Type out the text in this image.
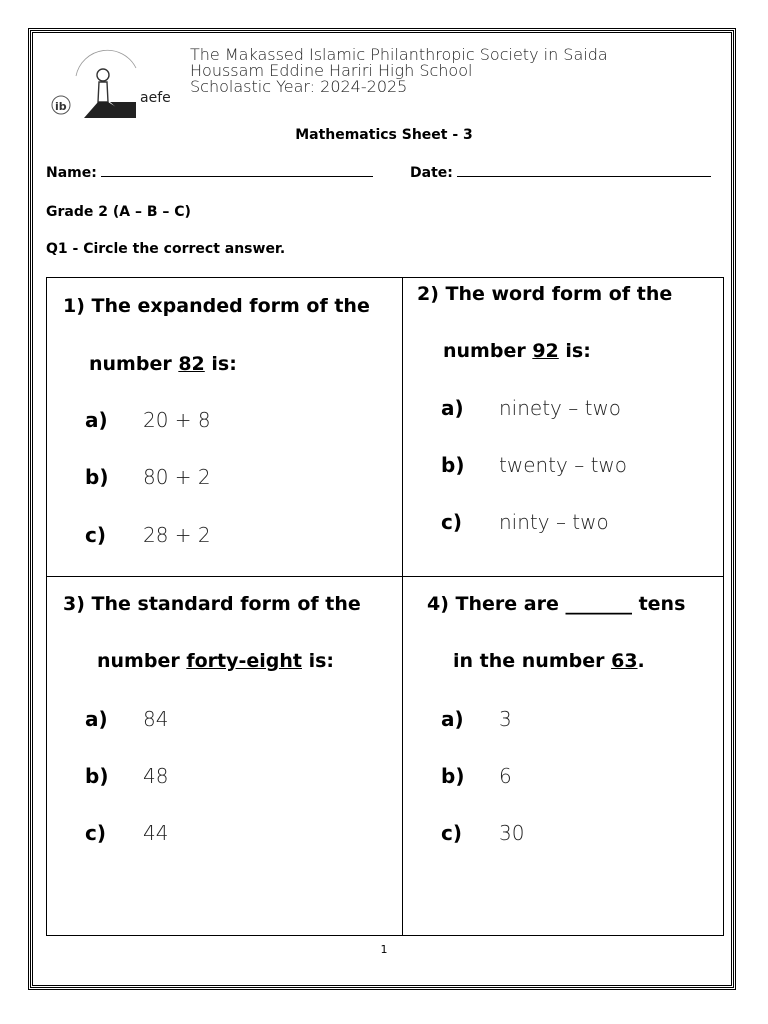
ib
aefe
The Makassed Islamic Philanthropic Society in Saida
Houssam Eddine Hariri High School
Scholastic Year: 2024-2025
Mathematics Sheet - 3
Name:	Date:
Grade 2 (A – B – C)
Q1 - Circle the correct answer.
1) The expanded form of the
number 82 is:
a) 20 + 8
b) 80 + 2
c) 28 + 2
2) The word form of the
number 92 is:
a) ninety – two
b) twenty – two
c) ninty – two
3) The standard form of the
number forty-eight is:
a) 84
b) 48
c) 44
4) There are _______ tens
in the number 63.
a) 3
b) 6
c) 30
1
